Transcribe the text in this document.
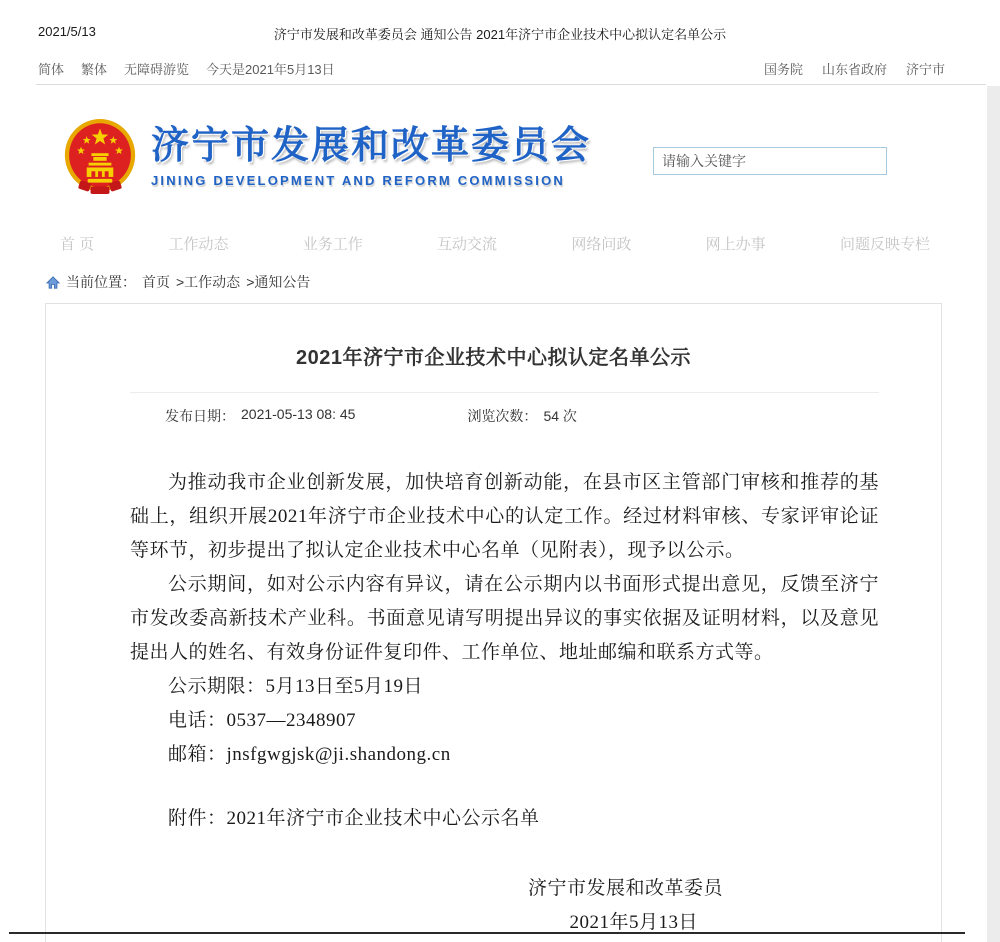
2021/5/13	济宁市发展和改革委员会 通知公告 2021年济宁市企业技术中心拟认定名单公示
简体 繁体 无障碍游览 今天是2021年5月13日	国务院 山东省政府 济宁市
济宁市发展和改革委员会
JINING DEVELOPMENT AND REFORM COMMISSION
请输入关键字
首 页	工作动态	业务工作	互动交流	网络问政	网上办事	问题反映专栏
当前位置： 首页 >工作动态 >通知公告
2021年济宁市企业技术中心拟认定名单公示
发布日期： 2021-05-13 08: 45	浏览次数： 54 次

为推动我市企业创新发展，加快培育创新动能，在县市区主管部门审核和推荐的基础上，组织开展2021年济宁市企业技术中心的认定工作。经过材料审核、专家评审论证等环节，初步提出了拟认定企业技术中心名单（见附表），现予以公示。

公示期间，如对公示内容有异议，请在公示期内以书面形式提出意见，反馈至济宁市发改委高新技术产业科。书面意见请写明提出异议的事实依据及证明材料，以及意见提出人的姓名、有效身份证件复印件、工作单位、地址邮编和联系方式等。

公示期限：5月13日至5月19日

电话：0537—2348907

邮箱：jnsfgwgjsk@ji.shandong.cn

附件：2021年济宁市企业技术中心公示名单

济宁市发展和改革委员

2021年5月13日
